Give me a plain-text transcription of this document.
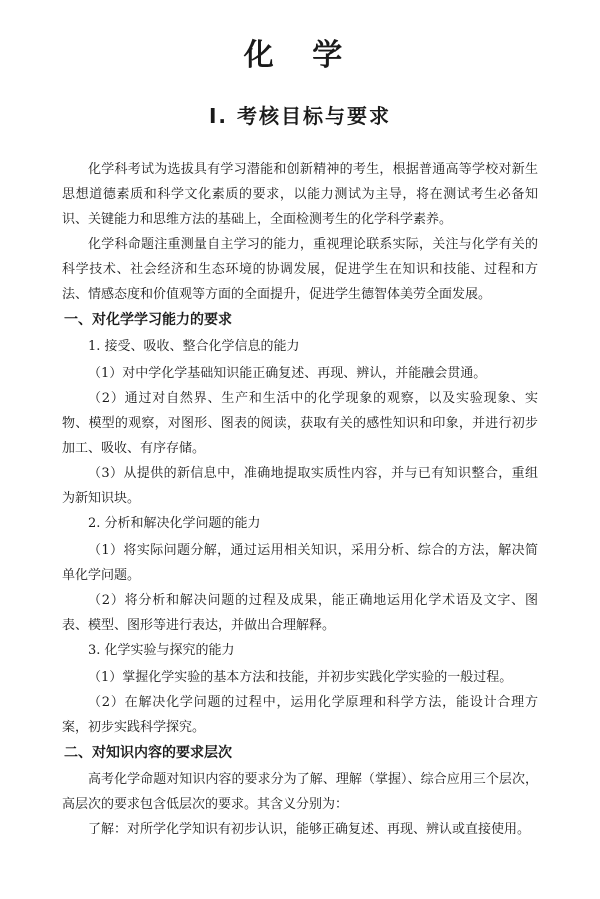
化 学
Ⅰ. 考核目标与要求

化学科考试为选拔具有学习潜能和创新精神的考生，根据普通高等学校对新生思想道德素质和科学文化素质的要求，以能力测试为主导，将在测试考生必备知识、关键能力和思维方法的基础上，全面检测考生的化学科学素养。

化学科命题注重测量自主学习的能力，重视理论联系实际，关注与化学有关的科学技术、社会经济和生态环境的协调发展，促进学生在知识和技能、过程和方法、情感态度和价值观等方面的全面提升，促进学生德智体美劳全面发展。

一、对化学学习能力的要求

1. 接受、吸收、整合化学信息的能力

（1）对中学化学基础知识能正确复述、再现、辨认，并能融会贯通。

（2）通过对自然界、生产和生活中的化学现象的观察，以及实验现象、实物、模型的观察，对图形、图表的阅读，获取有关的感性知识和印象，并进行初步加工、吸收、有序存储。

（3）从提供的新信息中，准确地提取实质性内容，并与已有知识整合，重组为新知识块。

2. 分析和解决化学问题的能力

（1）将实际问题分解，通过运用相关知识，采用分析、综合的方法，解决简单化学问题。

（2）将分析和解决问题的过程及成果，能正确地运用化学术语及文字、图表、模型、图形等进行表达，并做出合理解释。

3. 化学实验与探究的能力

（1）掌握化学实验的基本方法和技能，并初步实践化学实验的一般过程。

（2）在解决化学问题的过程中，运用化学原理和科学方法，能设计合理方案，初步实践科学探究。

二、对知识内容的要求层次

高考化学命题对知识内容的要求分为了解、理解（掌握）、综合应用三个层次，高层次的要求包含低层次的要求。其含义分别为：

了解：对所学化学知识有初步认识，能够正确复述、再现、辨认或直接使用。
